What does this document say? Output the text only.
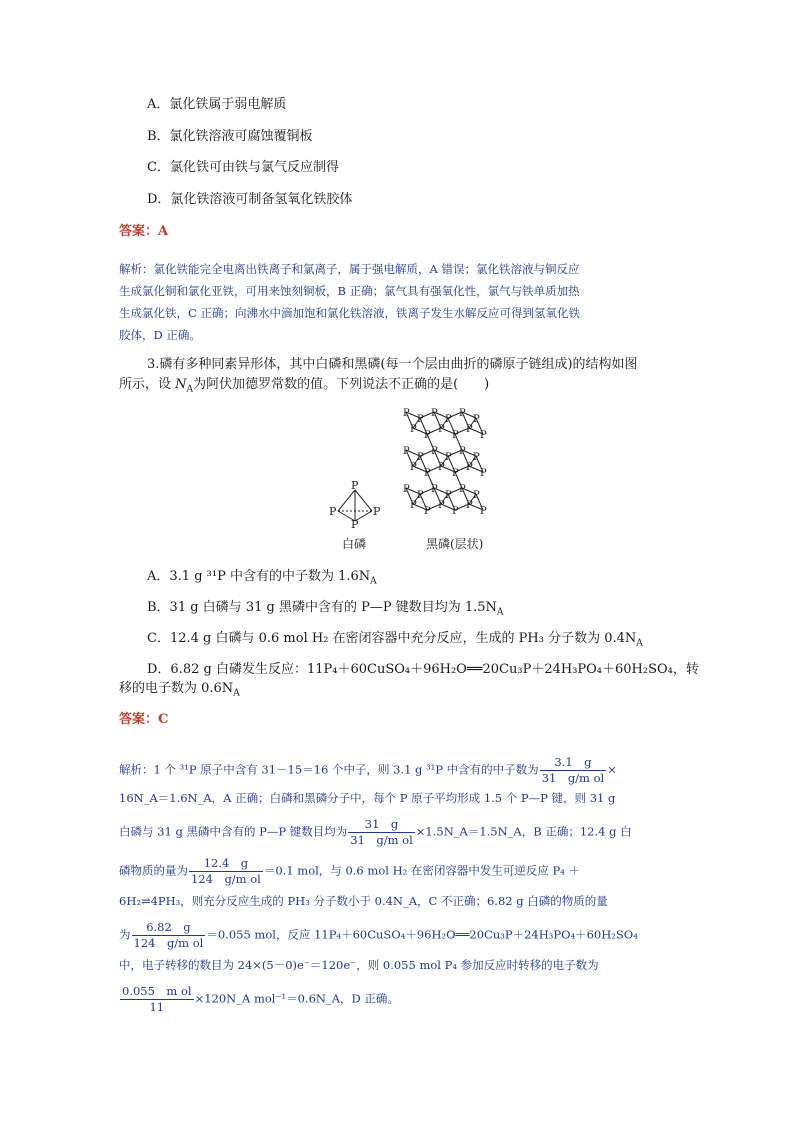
A．氯化铁属于弱电解质
B．氯化铁溶液可腐蚀覆铜板
C．氯化铁可由铁与氯气反应制得
D．氯化铁溶液可制备氢氧化铁胶体
答案：A
解析：氯化铁能完全电离出铁离子和氯离子，属于强电解质，A 错误；氯化铁溶液与铜反应
生成氯化铜和氯化亚铁，可用来蚀刻铜板，B 正确；氯气具有强氧化性，氯气与铁单质加热
生成氯化铁，C 正确；向沸水中滴加饱和氯化铁溶液，铁离子发生水解反应可得到氢氧化铁
胶体，D 正确。
3.磷有多种同素异形体，其中白磷和黑磷(每一个层由曲折的磷原子链组成)的结构如图
所示，设 $N_A$为阿伏加德罗常数的值。下列说法不正确的是(　　)
P
P	P
P
白磷
P
P
P
P
P
P
P
P
P
P
P
P
P
P
P
P
P
P
P
P
P
P
P
P
P
P
P
P
P
P
P
P
P
P
P
P
黑磷(层状)
A．3.1 g ³¹P 中含有的中子数为 $1.6N_A$
B．31 g 白磷与 31 g 黑磷中含有的 P—P 键数目均为 $1.5N_A$
C．12.4 g 白磷与 0.6 mol H₂ 在密闭容器中充分反应，生成的 PH₃ 分子数为 $0.4N_A$
D．6.82 g 白磷发生反应：11P₄＋60CuSO₄＋96H₂O══20Cu₃P＋24H₃PO₄＋60H₂SO₄，转
移的电子数为 $0.6N_A$
答案：C
解析：1 个 ³¹P 原子中含有 31－15＝16 个中子，则 3.1 g ³¹P 中含有的中子数为 $\frac{3.1 g}{\text{31　g/m ol}}$ ×
16N_A＝1.6N_A，A 正确；白磷和黑磷分子中，每个 P 原子平均形成 1.5 个 P—P 键，则 31 g
白磷与 31 g 黑磷中含有的 P—P 键数目均为 $\frac{31 g}{\text{31　g/m ol}}$ ×1.5N_A＝1.5N_A，B 正确；12.4 g 白
磷物质的量为 $\frac{12.4 g}{\text{124　g/m ol}} =0.1$ mol，与 0.6 mol H₂ 在密闭容器中发生可逆反应 P₄ ＋
6H₂⇌4PH₃，则充分反应生成的 PH₃ 分子数小于 0.4N_A，C 不正确；6.82 g 白磷的物质的量
为 $\frac{6.82 g}{\text{124　g/m ol}} =0.055$ mol，反应 11P₄＋60CuSO₄＋96H₂O══20Cu₃P＋24H₃PO₄＋60H₂SO₄
中，电子转移的数目为 24×(5－0)e⁻＝120e⁻，则 0.055 mol P₄ 参加反应时转移的电子数为
$\frac{\text{0.055　m ol}}{11}$ ×120N_A mol⁻¹＝0.6N_A，D 正确。
